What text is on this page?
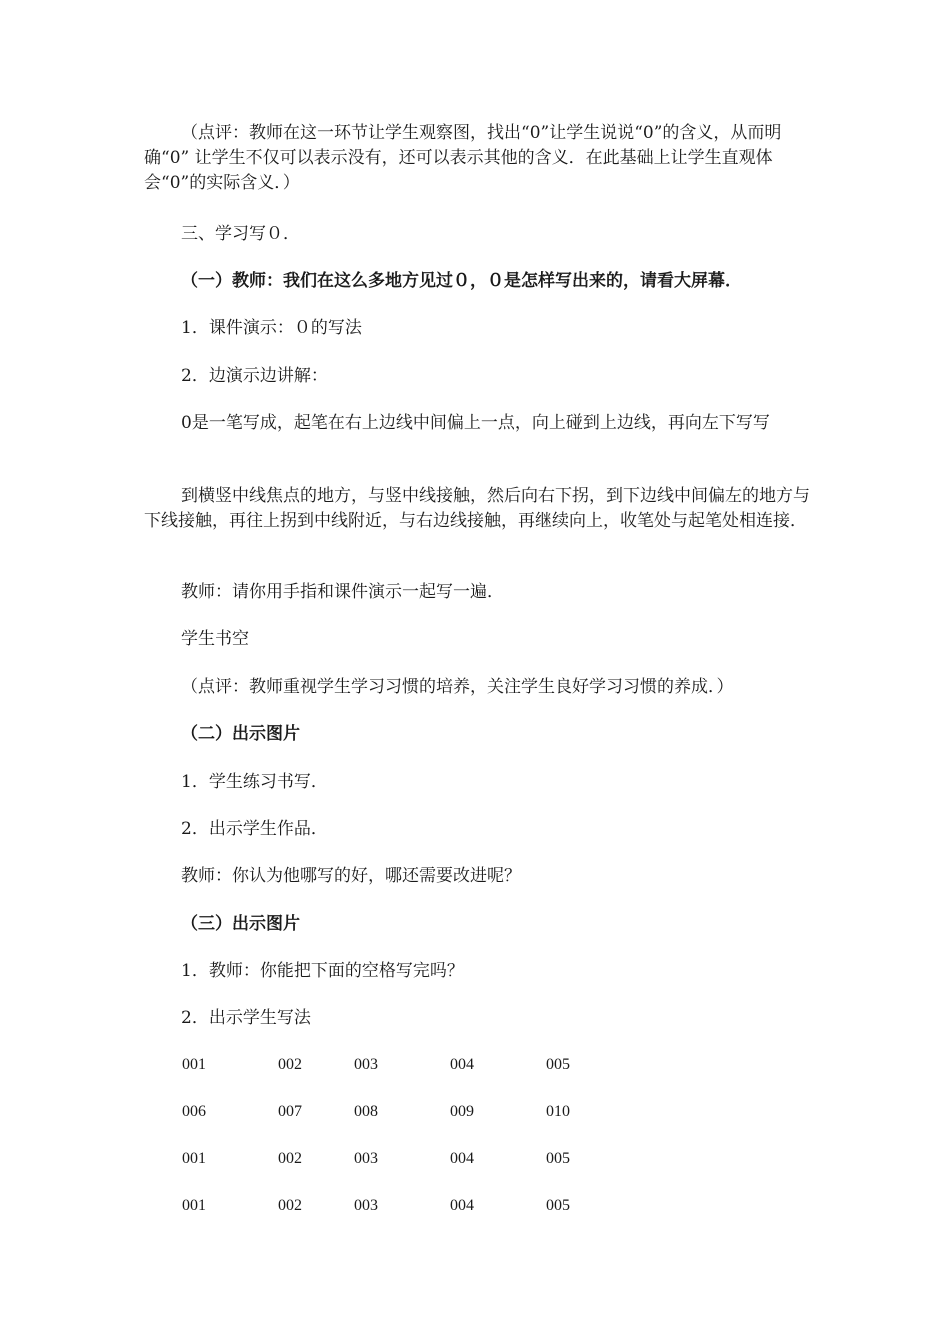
（点评：教师在这一环节让学生观察图，找出“0”让学生说说“0”的含义，从而明确“0” 让学生不仅可以表示没有，还可以表示其他的含义．在此基础上让学生直观体会“0”的实际含义．）

三、学习写０．
（一）教师：我们在这么多地方见过０，０是怎样写出来的，请看大屏幕．
1．课件演示：０的写法
2．边演示边讲解：

0是一笔写成，起笔在右上边线中间偏上一点，向上碰到上边线，再向左下写写

到横竖中线焦点的地方，与竖中线接触，然后向右下拐，到下边线中间偏左的地方与下线接触，再往上拐到中线附近，与右边线接触，再继续向上，收笔处与起笔处相连接．

教师：请你用手指和课件演示一起写一遍．
学生书空
（点评：教师重视学生学习习惯的培养，关注学生良好学习习惯的养成．）
（二）出示图片
1．学生练习书写．
2．出示学生作品．
教师：你认为他哪写的好，哪还需要改进呢？
（三）出示图片
1．教师：你能把下面的空格写完吗？
2．出示学生写法
001	002	003	004	005
006	007	008	009	010
001	002	003	004	005
001	002	003	004	005
